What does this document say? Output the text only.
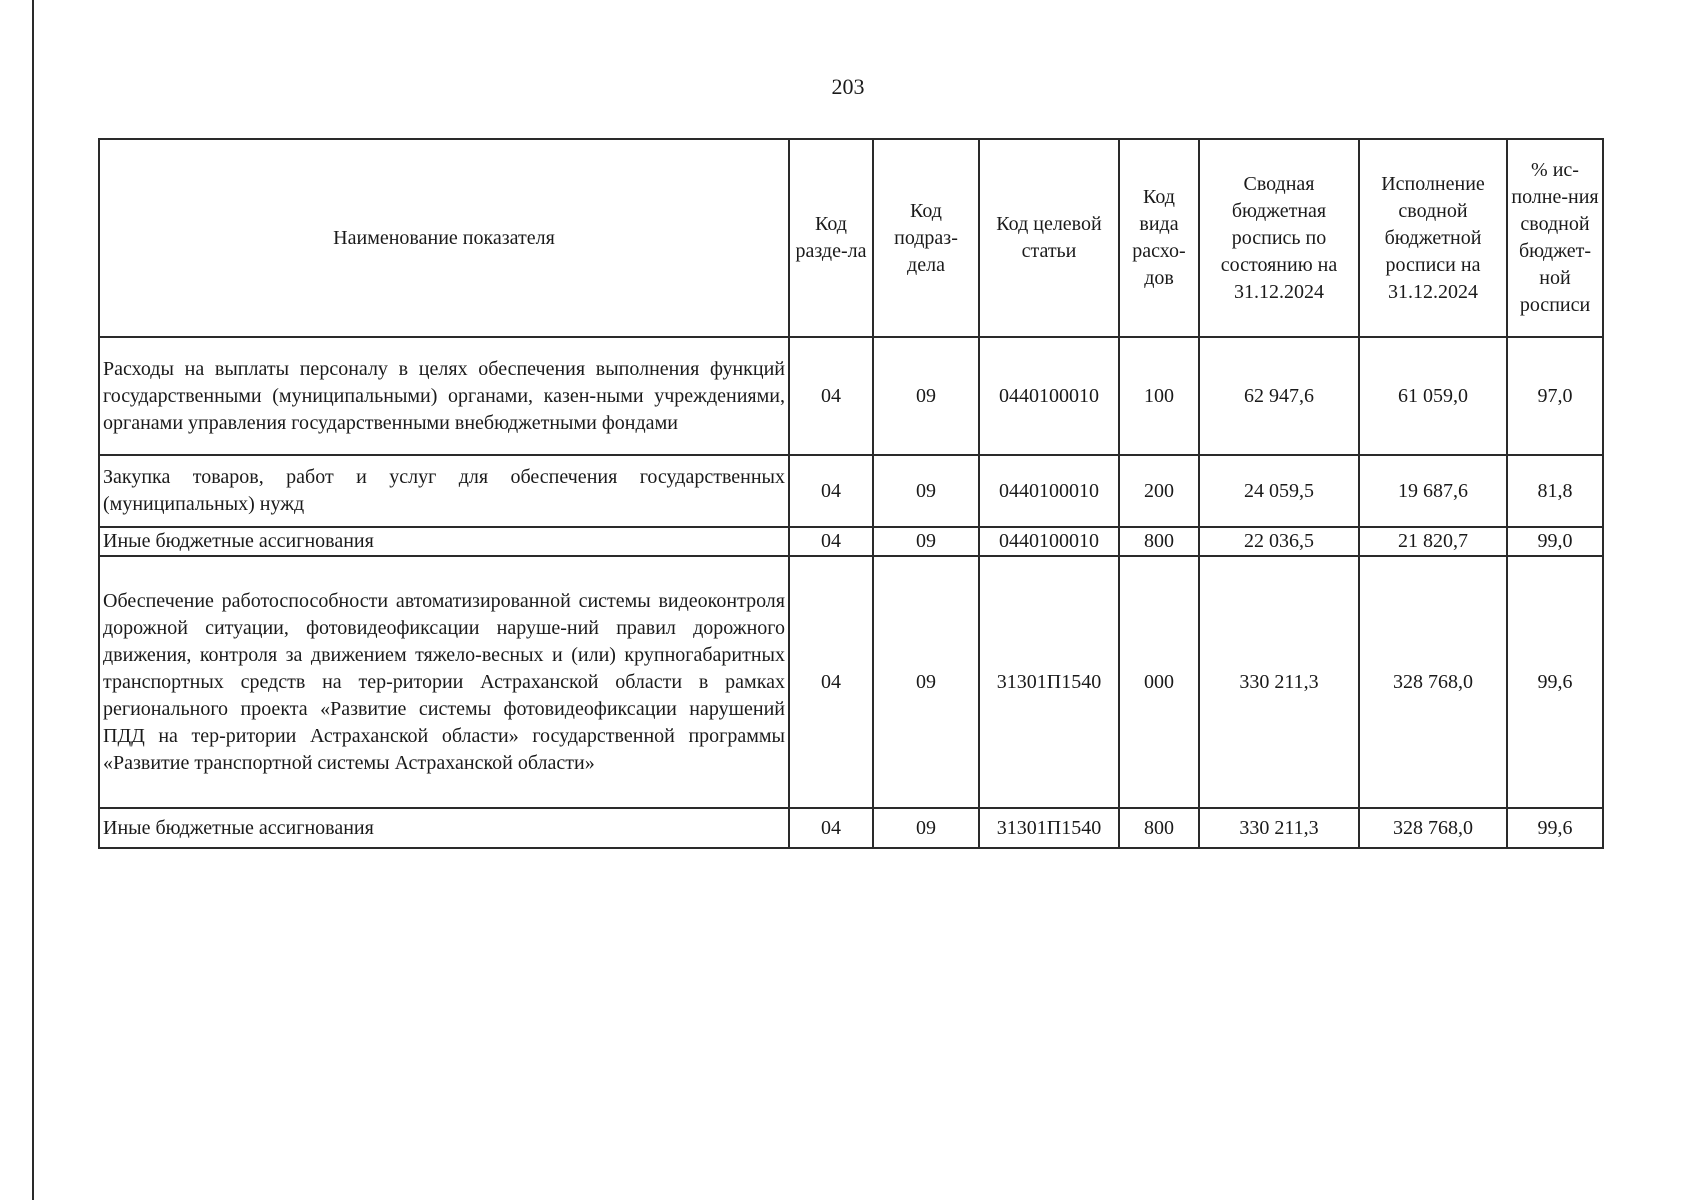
203
Наименование показателя	Код разде-ла	Код подраз-дела	Код целевой статьи	Код вида расхо-дов	Сводная бюджетная роспись по состоянию на 31.12.2024	Исполнение сводной бюджетной росписи на 31.12.2024	% ис-полне-ния сводной бюджет-ной росписи
Расходы на выплаты персоналу в целях обеспечения выполнения функций государственными (муниципальными) органами, казен-ными учреждениями, органами управления государственными внебюджетными фондами	04	09	0440100010	100	62 947,6	61 059,0	97,0
Закупка товаров, работ и услуг для обеспечения государственных (муниципальных) нужд	04	09	0440100010	200	24 059,5	19 687,6	81,8
Иные бюджетные ассигнования	04	09	0440100010	800	22 036,5	21 820,7	99,0
Обеспечение работоспособности автоматизированной системы видеоконтроля дорожной ситуации, фотовидеофиксации наруше-ний правил дорожного движения, контроля за движением тяжело-весных и (или) крупногабаритных транспортных средств на тер-ритории Астраханской области в рамках регионального проекта «Развитие системы фотовидеофиксации нарушений ПДД на тер-ритории Астраханской области» государственной программы «Развитие транспортной системы Астраханской области»	04	09	31301П1540	000	330 211,3	328 768,0	99,6
Иные бюджетные ассигнования	04	09	31301П1540	800	330 211,3	328 768,0	99,6
